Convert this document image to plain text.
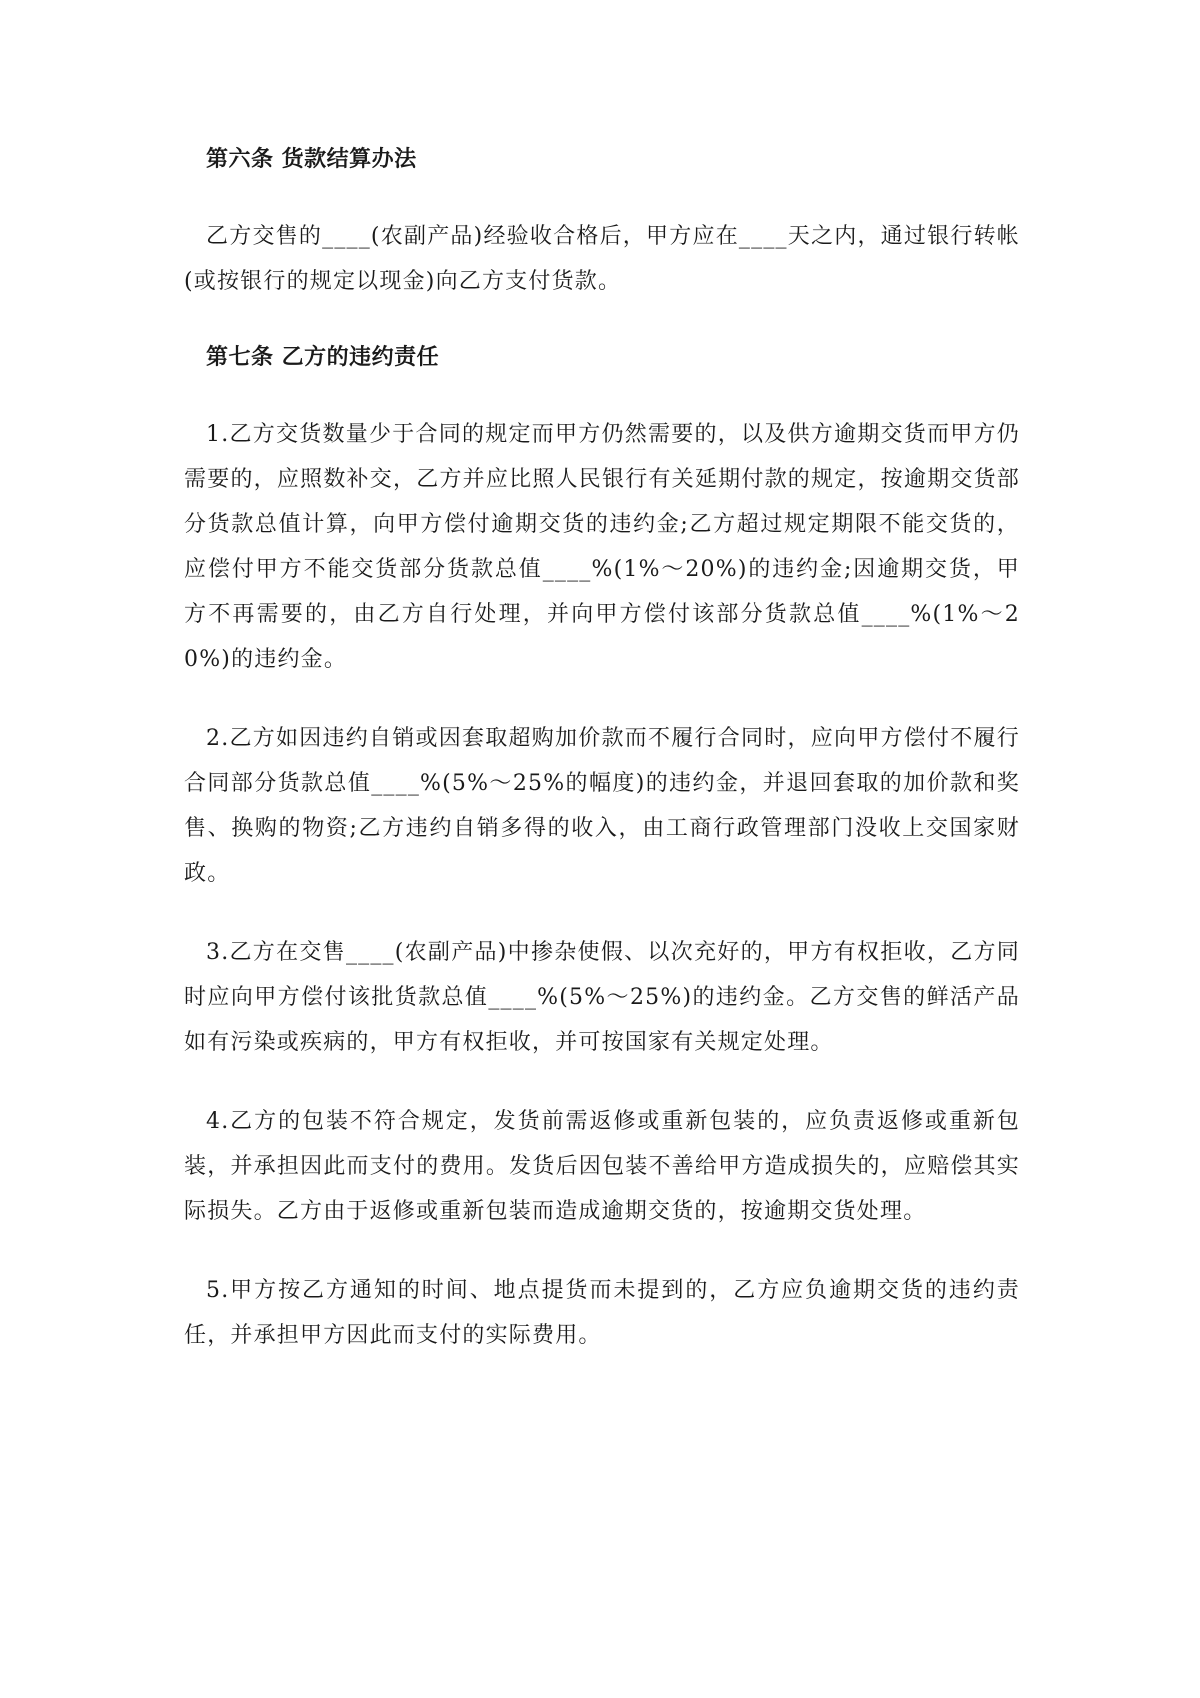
第六条 货款结算办法

乙方交售的____(农副产品)经验收合格后，甲方应在____天之内，通过银行转帐(或按银行的规定以现金)向乙方支付货款。

第七条 乙方的违约责任

1.乙方交货数量少于合同的规定而甲方仍然需要的，以及供方逾期交货而甲方仍需要的，应照数补交，乙方并应比照人民银行有关延期付款的规定，按逾期交货部分货款总值计算，向甲方偿付逾期交货的违约金;乙方超过规定期限不能交货的，应偿付甲方不能交货部分货款总值____%(1%～20%)的违约金;因逾期交货，甲方不再需要的，由乙方自行处理，并向甲方偿付该部分货款总值____%(1%～20%)的违约金。

2.乙方如因违约自销或因套取超购加价款而不履行合同时，应向甲方偿付不履行合同部分货款总值____%(5%～25%的幅度)的违约金，并退回套取的加价款和奖售、换购的物资;乙方违约自销多得的收入，由工商行政管理部门没收上交国家财政。

3.乙方在交售____(农副产品)中掺杂使假、以次充好的，甲方有权拒收，乙方同时应向甲方偿付该批货款总值____%(5%～25%)的违约金。乙方交售的鲜活产品如有污染或疾病的，甲方有权拒收，并可按国家有关规定处理。

4.乙方的包装不符合规定，发货前需返修或重新包装的，应负责返修或重新包装，并承担因此而支付的费用。发货后因包装不善给甲方造成损失的，应赔偿其实际损失。乙方由于返修或重新包装而造成逾期交货的，按逾期交货处理。

5.甲方按乙方通知的时间、地点提货而未提到的，乙方应负逾期交货的违约责任，并承担甲方因此而支付的实际费用。
